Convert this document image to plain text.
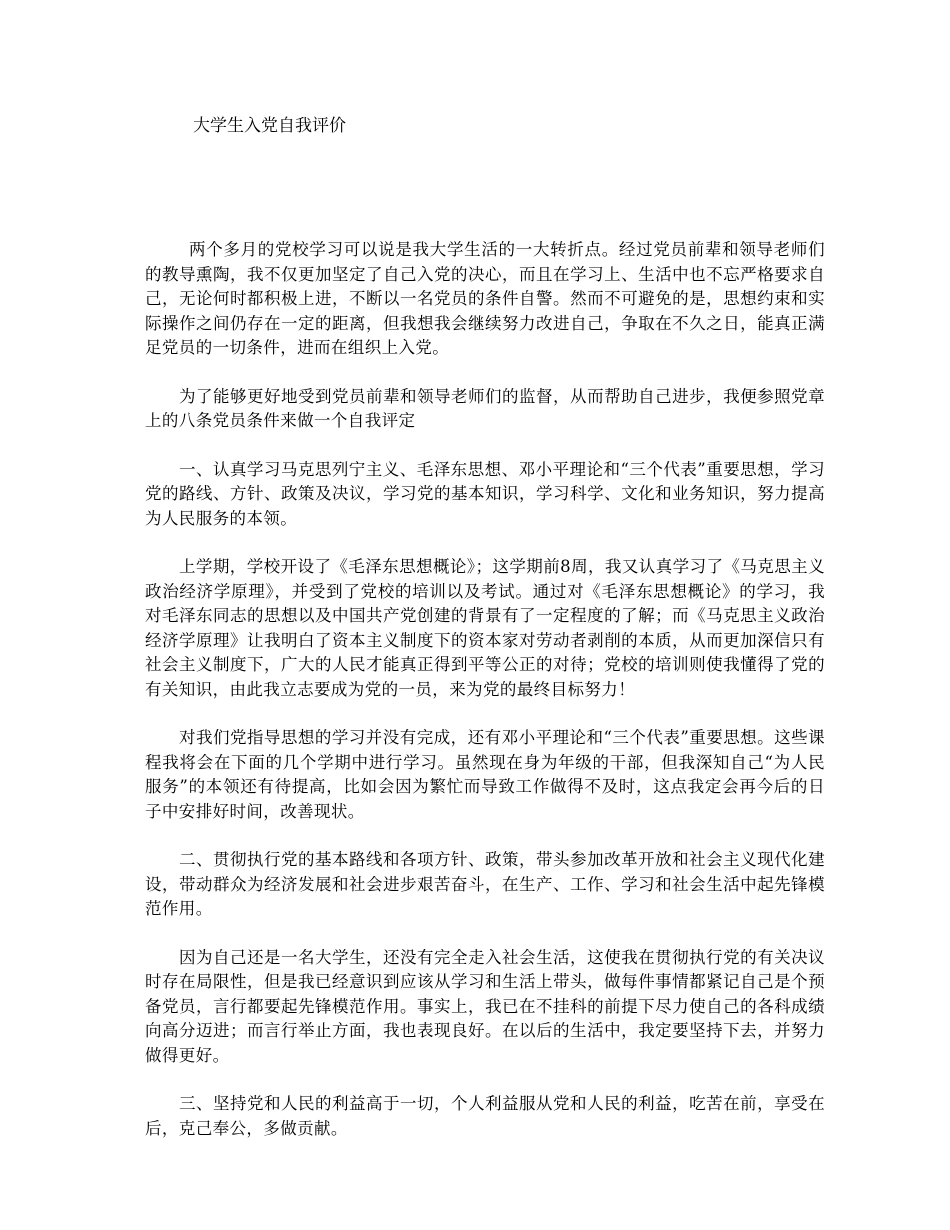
大学生入党自我评价

两个多月的党校学习可以说是我大学生活的一大转折点。经过党员前辈和领导老师们的教导熏陶，我不仅更加坚定了自己入党的决心，而且在学习上、生活中也不忘严格要求自己，无论何时都积极上进，不断以一名党员的条件自警。然而不可避免的是，思想约束和实际操作之间仍存在一定的距离，但我想我会继续努力改进自己，争取在不久之日，能真正满足党员的一切条件，进而在组织上入党。

为了能够更好地受到党员前辈和领导老师们的监督，从而帮助自己进步，我便参照党章上的八条党员条件来做一个自我评定

一、认真学习马克思列宁主义、毛泽东思想、邓小平理论和“三个代表”重要思想，学习党的路线、方针、政策及决议，学习党的基本知识，学习科学、文化和业务知识，努力提高为人民服务的本领。

上学期，学校开设了《毛泽东思想概论》；这学期前8周，我又认真学习了《马克思主义政治经济学原理》，并受到了党校的培训以及考试。通过对《毛泽东思想概论》的学习，我对毛泽东同志的思想以及中国共产党创建的背景有了一定程度的了解；而《马克思主义政治经济学原理》让我明白了资本主义制度下的资本家对劳动者剥削的本质，从而更加深信只有社会主义制度下，广大的人民才能真正得到平等公正的对待；党校的培训则使我懂得了党的有关知识，由此我立志要成为党的一员，来为党的最终目标努力！

对我们党指导思想的学习并没有完成，还有邓小平理论和“三个代表”重要思想。这些课程我将会在下面的几个学期中进行学习。虽然现在身为年级的干部，但我深知自己“为人民服务”的本领还有待提高，比如会因为繁忙而导致工作做得不及时，这点我定会再今后的日子中安排好时间，改善现状。

二、贯彻执行党的基本路线和各项方针、政策，带头参加改革开放和社会主义现代化建设，带动群众为经济发展和社会进步艰苦奋斗，在生产、工作、学习和社会生活中起先锋模范作用。

因为自己还是一名大学生，还没有完全走入社会生活，这使我在贯彻执行党的有关决议时存在局限性，但是我已经意识到应该从学习和生活上带头，做每件事情都紧记自己是个预备党员，言行都要起先锋模范作用。事实上，我已在不挂科的前提下尽力使自己的各科成绩向高分迈进；而言行举止方面，我也表现良好。在以后的生活中，我定要坚持下去，并努力做得更好。

三、坚持党和人民的利益高于一切，个人利益服从党和人民的利益，吃苦在前，享受在后，克己奉公，多做贡献。
